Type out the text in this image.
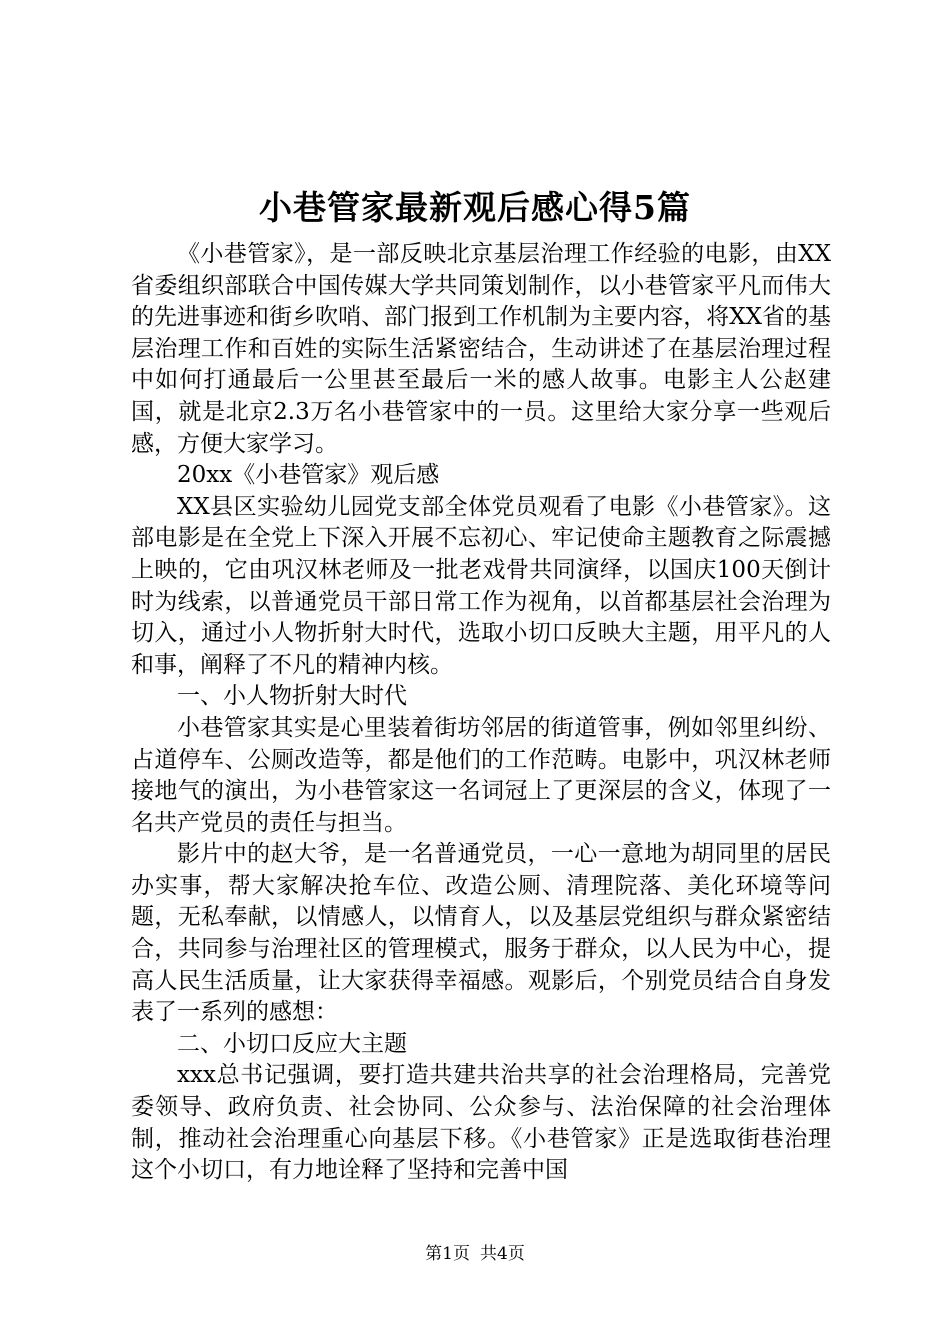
小巷管家最新观后感心得5篇

《小巷管家》，是一部反映北京基层治理工作经验的电影，由XX省委组织部联合中国传媒大学共同策划制作，以小巷管家平凡而伟大的先进事迹和街乡吹哨、部门报到工作机制为主要内容，将XX省的基层治理工作和百姓的实际生活紧密结合，生动讲述了在基层治理过程中如何打通最后一公里甚至最后一米的感人故事。电影主人公赵建国，就是北京2.3万名小巷管家中的一员。这里给大家分享一些观后感，方便大家学习。

20xx《小巷管家》观后感

XX县区实验幼儿园党支部全体党员观看了电影《小巷管家》。这部电影是在全党上下深入开展不忘初心、牢记使命主题教育之际震撼上映的，它由巩汉林老师及一批老戏骨共同演绎，以国庆100天倒计时为线索，以普通党员干部日常工作为视角，以首都基层社会治理为切入，通过小人物折射大时代，选取小切口反映大主题，用平凡的人和事，阐释了不凡的精神内核。

一、小人物折射大时代

小巷管家其实是心里装着街坊邻居的街道管事，例如邻里纠纷、占道停车、公厕改造等，都是他们的工作范畴。电影中，巩汉林老师接地气的演出，为小巷管家这一名词冠上了更深层的含义，体现了一名共产党员的责任与担当。

影片中的赵大爷，是一名普通党员，一心一意地为胡同里的居民办实事，帮大家解决抢车位、改造公厕、清理院落、美化环境等问题，无私奉献，以情感人，以情育人，以及基层党组织与群众紧密结合，共同参与治理社区的管理模式，服务于群众，以人民为中心，提高人民生活质量，让大家获得幸福感。观影后，个别党员结合自身发表了一系列的感想：

二、小切口反应大主题

xxx总书记强调，要打造共建共治共享的社会治理格局，完善党委领导、政府负责、社会协同、公众参与、法治保障的社会治理体制，推动社会治理重心向基层下移。《小巷管家》正是选取街巷治理这个小切口，有力地诠释了坚持和完善中国

第1页 共4页
